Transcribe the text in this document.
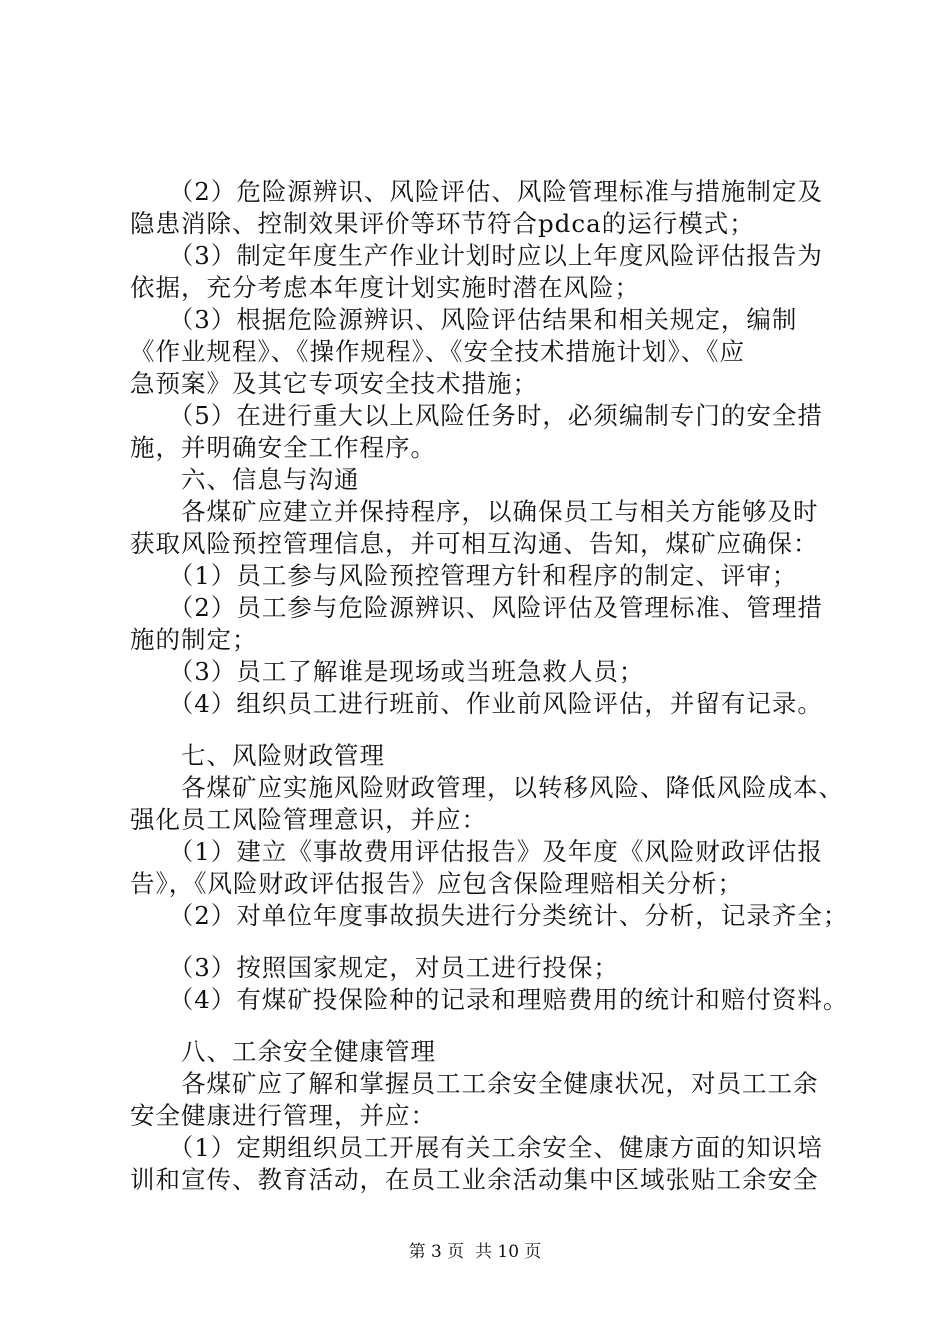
　　（2）危险源辨识、风险评估、风险管理标准与措施制定及
隐患消除、控制效果评价等环节符合pdca的运行模式；
　　（3）制定年度生产作业计划时应以上年度风险评估报告为
依据，充分考虑本年度计划实施时潜在风险；
　　（3）根据危险源辨识、风险评估结果和相关规定，编制
《作业规程》、《操作规程》、《安全技术措施计划》、《应
急预案》及其它专项安全技术措施；
　　（5）在进行重大以上风险任务时，必须编制专门的安全措
施，并明确安全工作程序。
　　六、信息与沟通
　　各煤矿应建立并保持程序，以确保员工与相关方能够及时
获取风险预控管理信息，并可相互沟通、告知，煤矿应确保：
　　（1）员工参与风险预控管理方针和程序的制定、评审；
　　（2）员工参与危险源辨识、风险评估及管理标准、管理措
施的制定；
　　（3）员工了解谁是现场或当班急救人员；
　　（4）组织员工进行班前、作业前风险评估，并留有记录。
　　七、风险财政管理
　　各煤矿应实施风险财政管理，以转移风险、降低风险成本、
强化员工风险管理意识，并应：
　　（1）建立《事故费用评估报告》及年度《风险财政评估报
告》，《风险财政评估报告》应包含保险理赔相关分析；
　　（2）对单位年度事故损失进行分类统计、分析，记录齐全；
　　（3）按照国家规定，对员工进行投保；
　　（4）有煤矿投保险种的记录和理赔费用的统计和赔付资料。
　　八、工余安全健康管理
　　各煤矿应了解和掌握员工工余安全健康状况，对员工工余
安全健康进行管理，并应：
　　（1）定期组织员工开展有关工余安全、健康方面的知识培
训和宣传、教育活动，在员工业余活动集中区域张贴工余安全
第 3 页  共 10 页
